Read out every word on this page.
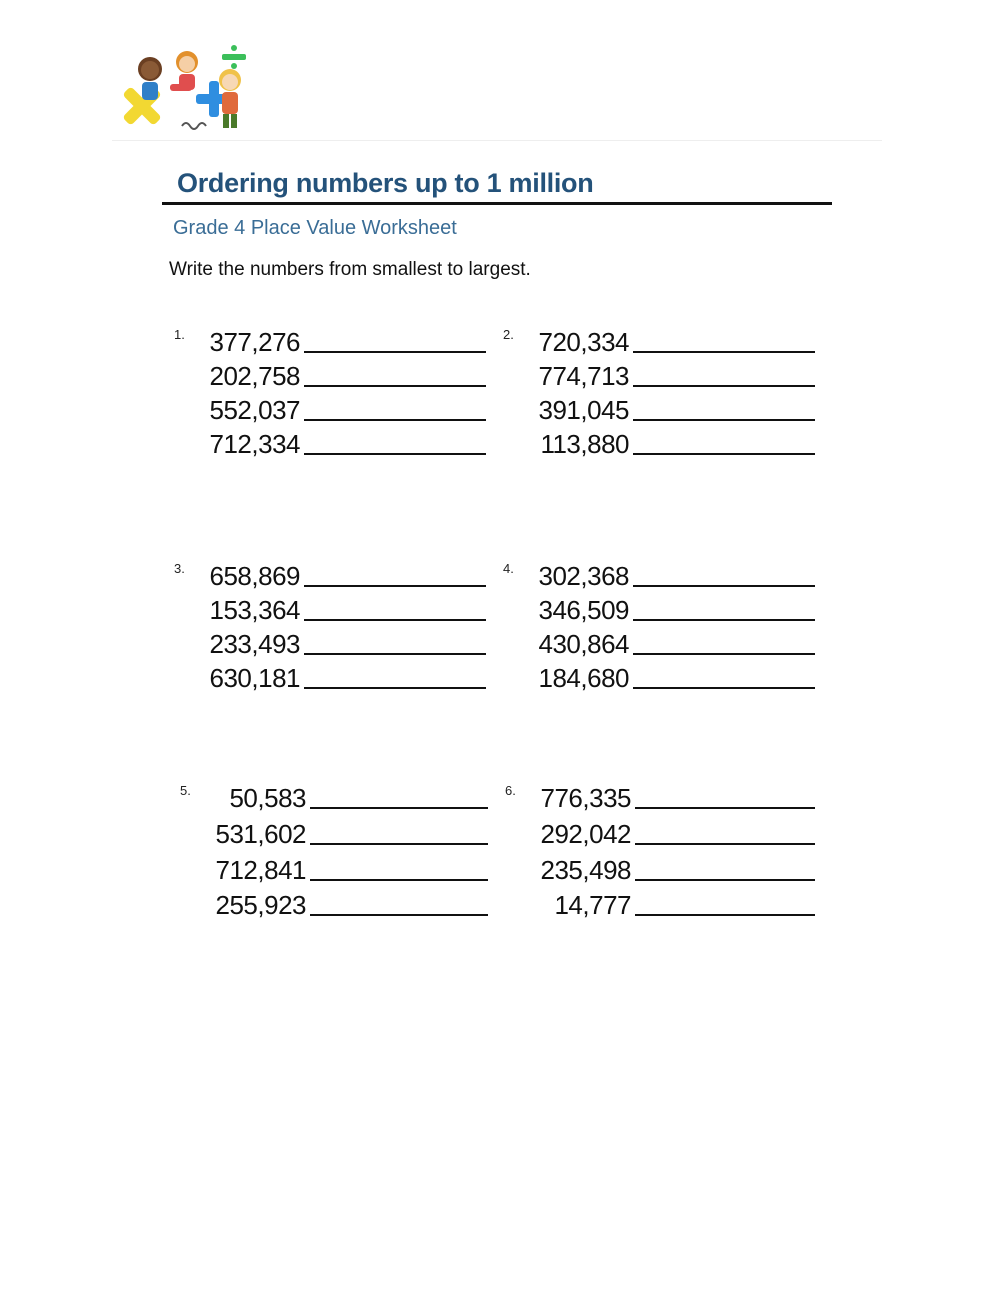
Ordering numbers up to 1 million
Grade 4 Place Value Worksheet
Write the numbers from smallest to largest.
1. 377,276
202,758
552,037
712,334
2. 720,334
774,713
391,045
113,880
3. 658,869
153,364
233,493
630,181
4. 302,368
346,509
430,864
184,680
5.	50,583
531,602
712,841
255,923
6. 776,335
292,042
235,498
14,777
